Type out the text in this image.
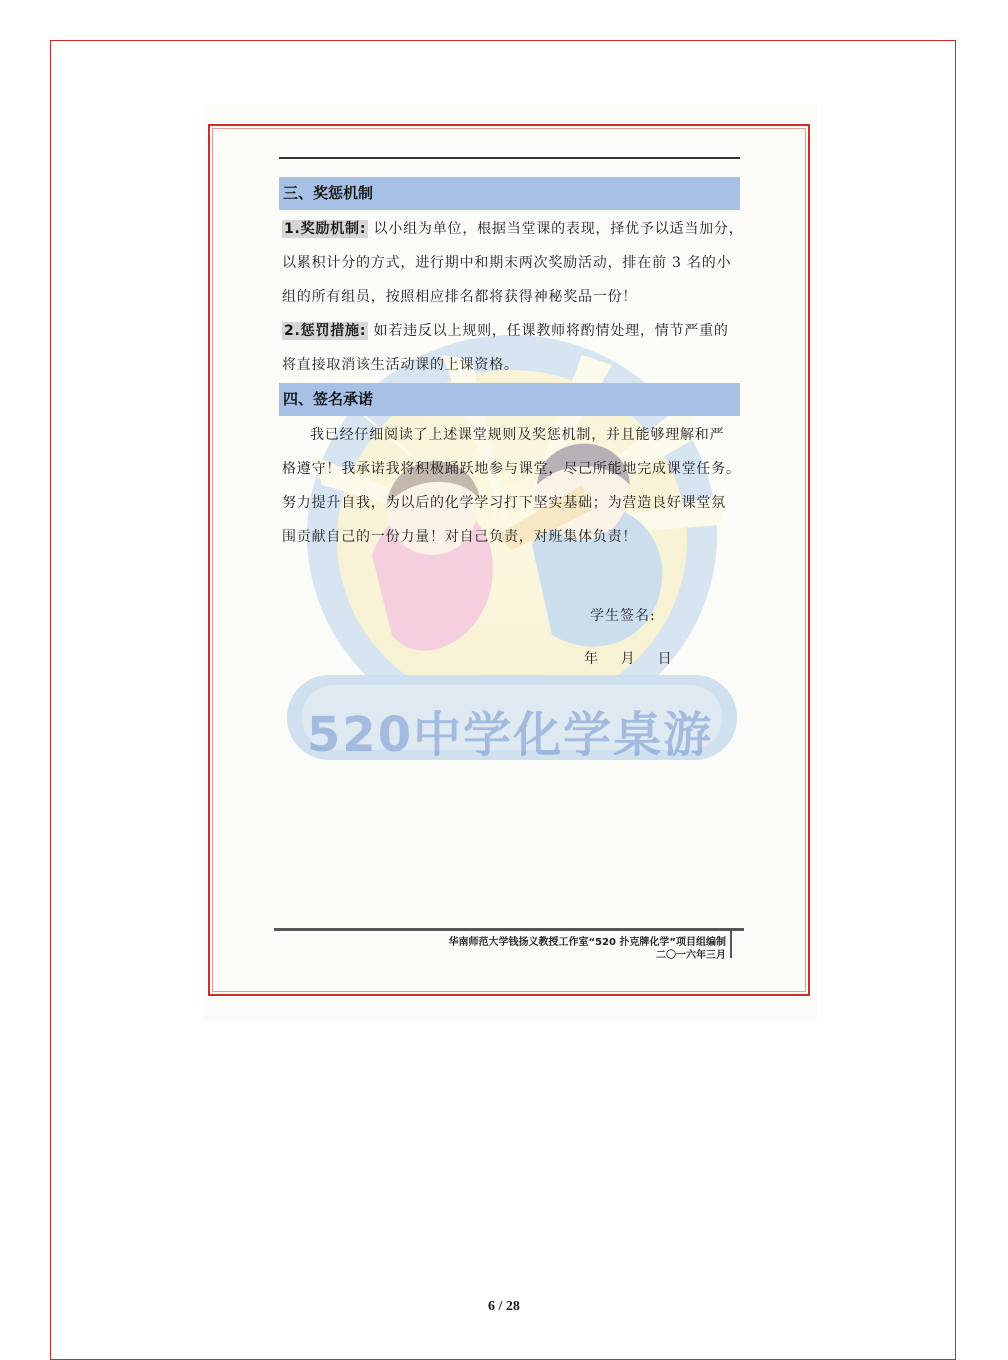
520中学化学桌游
三、奖惩机制
1.奖励机制: 以小组为单位，根据当堂课的表现，择优予以适当加分，
以累积计分的方式，进行期中和期末两次奖励活动，排在前 3 名的小
组的所有组员，按照相应排名都将获得神秘奖品一份！
2.惩罚措施: 如若违反以上规则，任课教师将酌情处理，情节严重的
将直接取消该生活动课的上课资格。
四、签名承诺
我已经仔细阅读了上述课堂规则及奖惩机制，并且能够理解和严
格遵守！我承诺我将积极踊跃地参与课堂，尽己所能地完成课堂任务。
努力提升自我，为以后的化学学习打下坚实基础；为营造良好课堂氛
围贡献自己的一份力量！对自己负责，对班集体负责！
学生签名:
年    月    日
华南师范大学钱扬义教授工作室“520 扑克牌化学”项目组编制
二〇一六年三月
6 / 28
